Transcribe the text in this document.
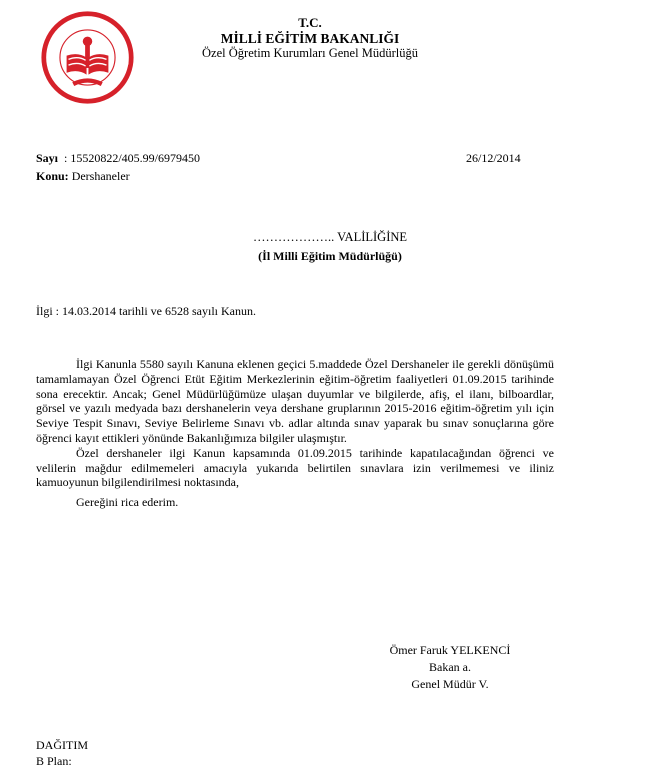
C. MİLLİ EĞİTİM BAKANLIĞ
T.C.
MİLLİ EĞİTİM BAKANLIĞI
Özel Öğretim Kurumları Genel Müdürlüğü
Sayı : 15520822/405.99/6979450	26/12/2014
Konu: Dershaneler
……………….. VALİLİĞİNE
(İl Milli Eğitim Müdürlüğü)
İlgi : 14.03.2014 tarihli ve 6528 sayılı Kanun.

İlgi Kanunla 5580 sayılı Kanuna eklenen geçici 5.maddede Özel Dershaneler ile gerekli dönüşümü tamamlamayan Özel Öğrenci Etüt Eğitim Merkezlerinin eğitim-öğretim faaliyetleri 01.09.2015 tarihinde sona erecektir. Ancak; Genel Müdürlüğümüze ulaşan duyumlar ve bilgilerde, afiş, el ilanı, bilboardlar, görsel ve yazılı medyada bazı dershanelerin veya dershane gruplarının 2015-2016 eğitim-öğretim yılı için Seviye Tespit Sınavı, Seviye Belirleme Sınavı vb. adlar altında sınav yaparak bu sınav sonuçlarına göre öğrenci kayıt ettikleri yönünde Bakanlığımıza bilgiler ulaşmıştır.

Özel dershaneler ilgi Kanun kapsamında 01.09.2015 tarihinde kapatılacağından öğrenci ve velilerin mağdur edilmemeleri amacıyla yukarıda belirtilen sınavlara izin verilmemesi ve iliniz kamuoyunun bilgilendirilmesi noktasında,

Gereğini rica ederim.

Ömer Faruk YELKENCİ
Bakan a.
Genel Müdür V.
DAĞITIM
B Plan:
